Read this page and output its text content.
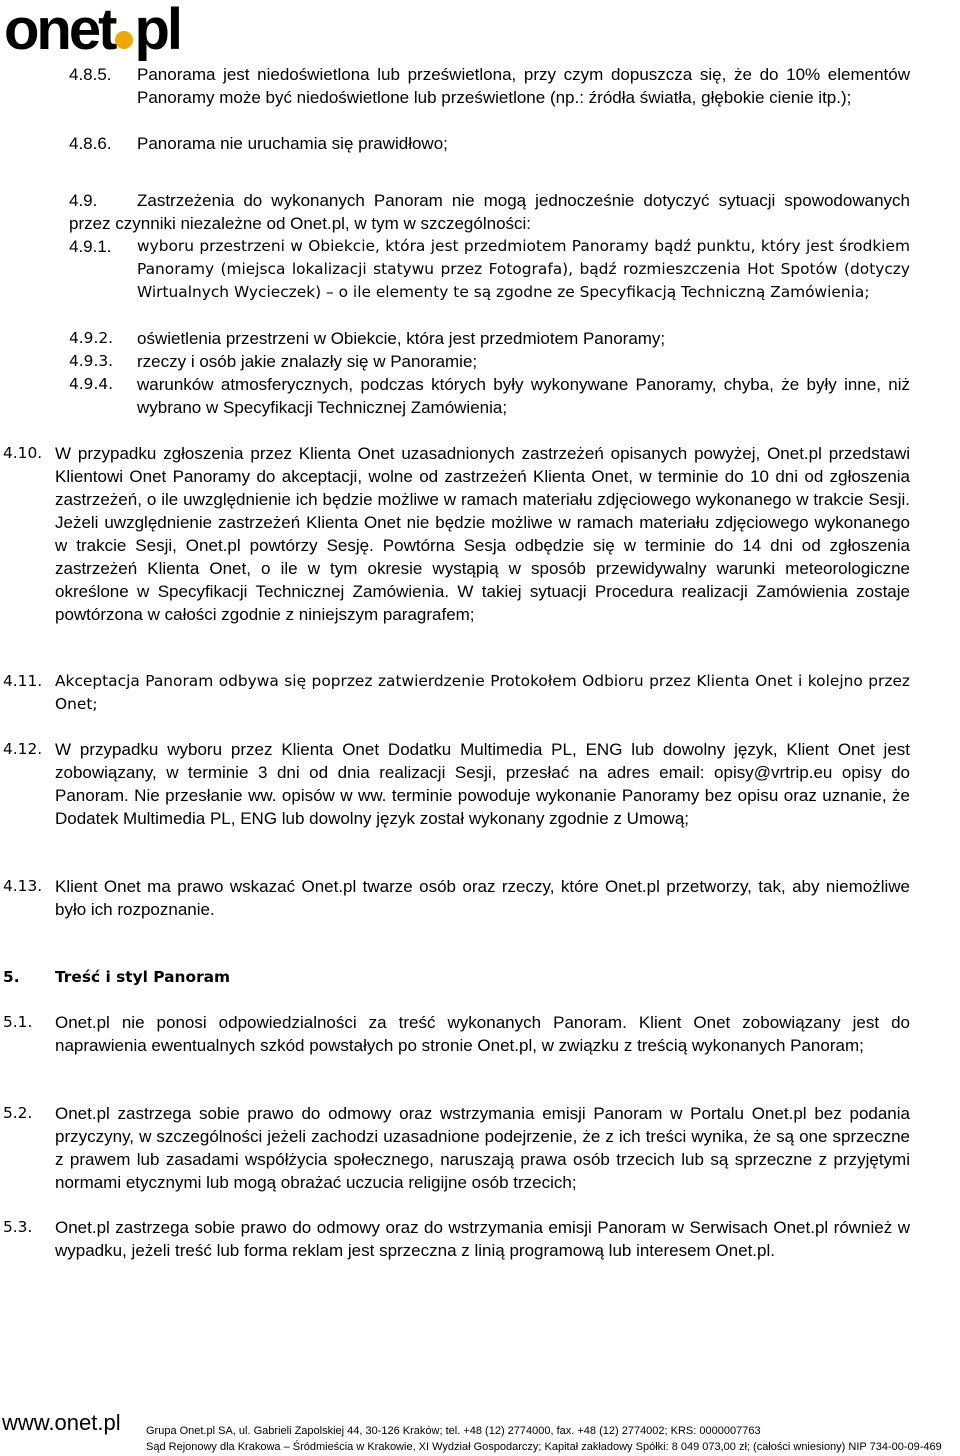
onet pl
4.8.5. Panorama jest niedoświetlona lub prześwietlona, przy czym dopuszcza się, że do 10% elementów Panoramy może być niedoświetlone lub prześwietlone (np.: źródła światła, głębokie cienie itp.);
4.8.6. Panorama nie uruchamia się prawidłowo;
4.9.	Zastrzeżenia do wykonanych Panoram nie mogą jednocześnie dotyczyć sytuacji spowodowanych przez czynniki niezależne od Onet.pl, w tym w szczególności:
4.9.1. wyboru przestrzeni w Obiekcie, która jest przedmiotem Panoramy bądź punktu, który jest środkiem Panoramy (miejsca lokalizacji statywu przez Fotografa), bądź rozmieszczenia Hot Spotów (dotyczy Wirtualnych Wycieczek) – o ile elementy te są zgodne ze Specyfikacją Techniczną Zamówienia;
4.9.2. oświetlenia przestrzeni w Obiekcie, która jest przedmiotem Panoramy;
4.9.3. rzeczy i osób jakie znalazły się w Panoramie;
4.9.4. warunków atmosferycznych, podczas których były wykonywane Panoramy, chyba, że były inne, niż wybrano w Specyfikacji Technicznej Zamówienia;
4.10. W przypadku zgłoszenia przez Klienta Onet uzasadnionych zastrzeżeń opisanych powyżej, Onet.pl przedstawi Klientowi Onet Panoramy do akceptacji, wolne od zastrzeżeń Klienta Onet, w terminie do 10 dni od zgłoszenia zastrzeżeń, o ile uwzględnienie ich będzie możliwe w ramach materiału zdjęciowego wykonanego w trakcie Sesji. Jeżeli uwzględnienie zastrzeżeń Klienta Onet nie będzie możliwe w ramach materiału zdjęciowego wykonanego w trakcie Sesji, Onet.pl powtórzy Sesję. Powtórna Sesja odbędzie się w terminie do 14 dni od zgłoszenia zastrzeżeń Klienta Onet, o ile w tym okresie wystąpią w sposób przewidywalny warunki meteorologiczne określone w Specyfikacji Technicznej Zamówienia. W takiej sytuacji Procedura realizacji Zamówienia zostaje powtórzona w całości zgodnie z niniejszym paragrafem;
4.11. Akceptacja Panoram odbywa się poprzez zatwierdzenie Protokołem Odbioru przez Klienta Onet i kolejno przez Onet;
4.12. W przypadku wyboru przez Klienta Onet Dodatku Multimedia PL, ENG lub dowolny język, Klient Onet jest zobowiązany, w terminie 3 dni od dnia realizacji Sesji, przesłać na adres email: opisy@vrtrip.eu opisy do Panoram. Nie przesłanie ww. opisów w ww. terminie powoduje wykonanie Panoramy bez opisu oraz uznanie, że Dodatek Multimedia PL, ENG lub dowolny język został wykonany zgodnie z Umową;
4.13. Klient Onet ma prawo wskazać Onet.pl twarze osób oraz rzeczy, które Onet.pl przetworzy, tak, aby niemożliwe było ich rozpoznanie.
5. Treść i styl Panoram
5.1. Onet.pl nie ponosi odpowiedzialności za treść wykonanych Panoram. Klient Onet zobowiązany jest do naprawienia ewentualnych szkód powstałych po stronie Onet.pl, w związku z treścią wykonanych Panoram;
5.2. Onet.pl zastrzega sobie prawo do odmowy oraz wstrzymania emisji Panoram w Portalu Onet.pl bez podania przyczyny, w szczególności jeżeli zachodzi uzasadnione podejrzenie, że z ich treści wynika, że są one sprzeczne z prawem lub zasadami współżycia społecznego, naruszają prawa osób trzecich lub są sprzeczne z przyjętymi normami etycznymi lub mogą obrażać uczucia religijne osób trzecich;
5.3. Onet.pl zastrzega sobie prawo do odmowy oraz do wstrzymania emisji Panoram w Serwisach Onet.pl również w wypadku, jeżeli treść lub forma reklam jest sprzeczna z linią programową lub interesem Onet.pl.
www.onet.pl Grupa Onet.pl SA, ul. Gabrieli Zapolskiej 44, 30-126 Kraków; tel. +48 (12) 2774000, fax. +48 (12) 2774002; KRS: 0000007763
Sąd Rejonowy dla Krakowa – Śródmieścia w Krakowie, XI Wydział Gospodarczy; Kapitał zakładowy Spółki: 8 049 073,00 zł; (całości wniesiony) NIP 734-00-09-469
